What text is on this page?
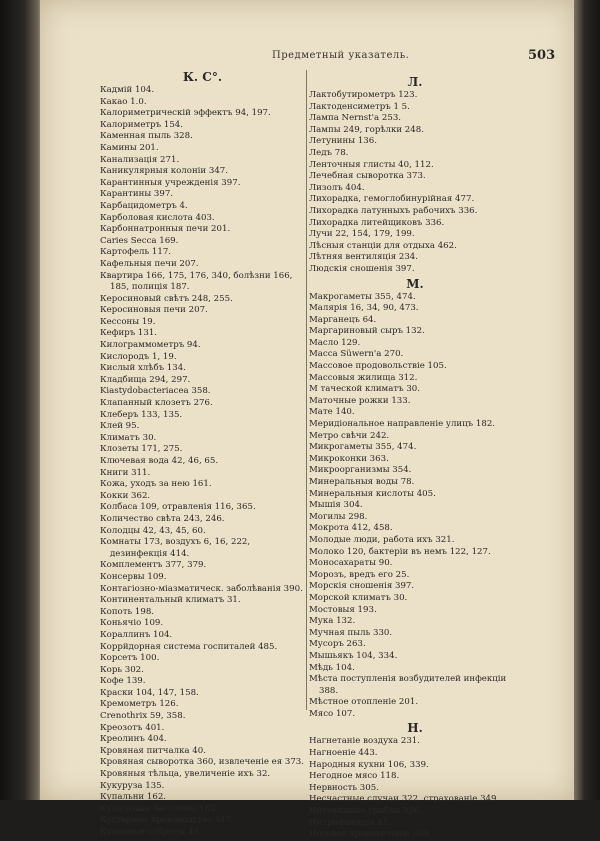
Предметный указатель.	503
К. С°.
Кадмій 104.
Какао 1.0.
Калориметрическій эффектъ 94, 197.
Калориметръ 154.
Каменная пыль 328.
Камины 201.
Канализація 271.
Каникулярныя колоніи 347.
Карантинныя учрежденія 397.
Карантины 397.
Карбацидометръ 4.
Карболовая кислота 403.
Карбоннатронныя печи 201.
Caries Secca 169.
Картофель 117.
Кафельныя печи 207.
Квартира 166, 175, 176, 340, болѣзни 166, 185, полиція 187.
Керосиновый свѣтъ 248, 255.
Керосиновыя печи 207.
Кессоны 19.
Кефиръ 131.
Килограммометръ 94.
Кислородъ 1, 19.
Кислый хлѣбъ 134.
Кладбища 294, 297.
Kiastydobacteriacea 358.
Клапанный клозетъ 276.
Клеберъ 133, 135.
Клей 95.
Климатъ 30.
Клозеты 171, 275.
Ключевая вода 42, 46, 65.
Книги 311.
Кожа, уходъ за нею 161.
Кокки 362.
Колбаса 109, отравленія 116, 365.
Количество свѣта 243, 246.
Колодцы 42, 43, 45, 60.
Комнаты 173, воздухъ 6, 16, 222, дезинфекція 414.
Комплементъ 377, 379.
Консервы 109.
Контагіозно-міазматическ. заболѣванія 390.
Континентальный климатъ 31.
Копоть 198.
Коньячіо 109.
Кораллинъ 104.
Коррйдорная система госпиталей 485.
Корсетъ 100.
Корь 302.
Кофе 139.
Краски 104, 147, 158.
Кремометръ 126.
Crenothrix 59, 358.
Креозотъ 401.
Креолинъ 404.
Кровяная питчалка 40.
Кровяная сыворотка 360, извлеченіе ея 373.
Кровяныя тѣльца, увеличеніе ихъ 32.
Кукуруза 135.
Купальни 162.
Купальные бассейны 162.
Кустарное производство 315.
Кухонные отбросы 43.
Л.
Лактобутирометръ 123.
Лактоденсиметръ 1 5.
Лампа Nernst'a 253.
Лампы 249, горѣлки 248.
Летунины 136.
Ледъ 78.
Ленточныя глисты 40, 112.
Лечебная сыворотка 373.
Лизолъ 404.
Лихорадка, гемоглобинурійная 477.
Лихорадка латунныхъ рабочихъ 336.
Лихорадка литейщиковъ 336.
Лучи 22, 154, 179, 199.
Лѣсныя станціи для отдыха 462.
Лѣтняя вентиляція 234.
Людскія сношенія 397.
М.
Макрогаметы 355, 474.
Малярія 16, 34, 90, 473.
Марганецъ 64.
Маргариновый сыръ 132.
Масло 129.
Масса Süwern'a 270.
Массовое продовольствіе 105.
Массовыя жилища 312.
М таческой климатъ 30.
Маточные рожки 133.
Мате 140.
Меридіональное направленіе улицъ 182.
Метро свѣчи 242.
Микрогаметы 355, 474.
Микроконки 363.
Микроорганизмы 354.
Минеральныя воды 78.
Минеральныя кислоты 405.
Мышія 304.
Могилы 298.
Мокрота 412, 458.
Молодые люди, работа ихъ 321.
Молоко 120, бактеріи въ немъ 122, 127.
Моносахараты 90.
Морозъ, вредъ его 25.
Морскія сношенія 397.
Морской климатъ 30.
Мостовыя 193.
Мука 132.
Мучная пыль 330.
Мусоръ 263.
Мышьякъ 104, 334.
Мѣдь 104.
Мѣста поступленія возбудителей инфекціи 388.
Мѣстное отопленіе 201.
Мясо 107.
Н.
Нагнетаніе воздуха 231.
Нагноеніе 443.
Народныя кухни 106, 339.
Негодное мясо 118.
Нервность 305.
Несчастные случаи 322, страхованіе 349.
Нитевидные грибки 356.
Нитрификація 81.
Носовое кровотеченіе 303.
